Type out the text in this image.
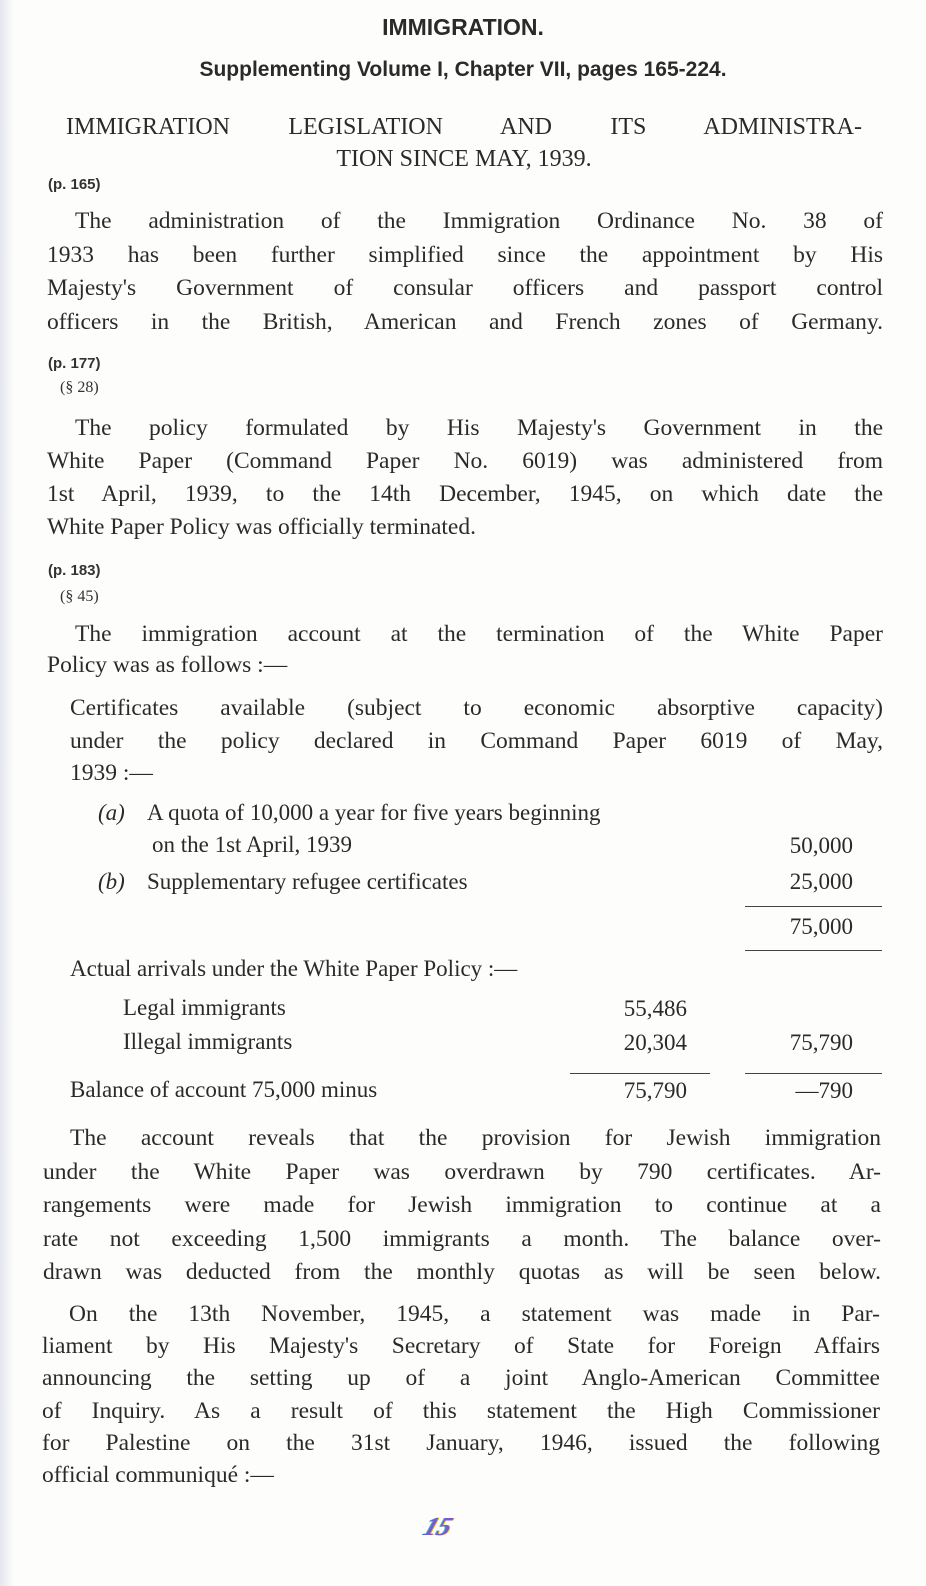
IMMIGRATION.
Supplementing Volume I, Chapter VII, pages 165-224.
IMMIGRATION LEGISLATION AND ITS ADMINISTRA-
TION SINCE MAY, 1939.
(p. 165)
The administration of the Immigration Ordinance No. 38 of
1933 has been further simplified since the appointment by His
Majesty's Government of consular officers and passport control
officers in the British, American and French zones of Germany.
(p. 177)
(§ 28)
The policy formulated by His Majesty's Government in the
White Paper (Command Paper No. 6019) was administered from
1st April, 1939, to the 14th December, 1945, on which date the
White Paper Policy was officially terminated.
(p. 183)
(§ 45)
The immigration account at the termination of the White Paper
Policy was as follows :—
Certificates available (subject to economic absorptive capacity)
under the policy declared in Command Paper 6019 of May,
1939 :—
(a) A quota of 10,000 a year for five years beginning
on the 1st April, 1939	50,000
(b) Supplementary refugee certificates	25,000
75,000
Actual arrivals under the White Paper Policy :—
Legal immigrants	55,486
Illegal immigrants	20,304	75,790
Balance of account 75,000 minus	75,790	—790
The account reveals that the provision for Jewish immigration
under the White Paper was overdrawn by 790 certificates. Ar-
rangements were made for Jewish immigration to continue at a
rate not exceeding 1,500 immigrants a month. The balance over-
drawn was deducted from the monthly quotas as will be seen below.
On the 13th November, 1945, a statement was made in Par-
liament by His Majesty's Secretary of State for Foreign Affairs
announcing the setting up of a joint Anglo-American Committee
of Inquiry. As a result of this statement the High Commissioner
for Palestine on the 31st January, 1946, issued the following
official communiqué :—
15
